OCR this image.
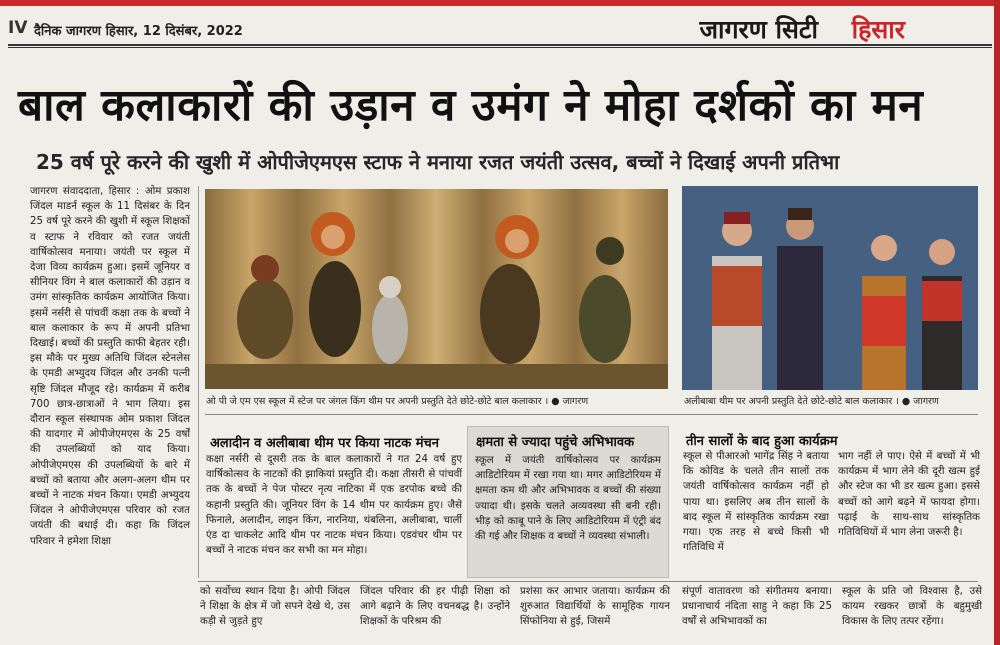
IV दैनिक जागरण हिसार, 12 दिसंबर, 2022	जागरण सिटी हिसार
बाल कलाकारों की उड़ान व उमंग ने मोहा दर्शकों का मन
25 वर्ष पूरे करने की खुशी में ओपीजेएमएस स्टाफ ने मनाया रजत जयंती उत्सव, बच्चों ने दिखाई अपनी प्रतिभा

जागरण संवाददाता, हिसार : ओम प्रकाश जिंदल माडर्न स्कूल के 11 दिसंबर के दिन 25 वर्ष पूरे करने की खुशी में स्कूल शिक्षकों व स्टाफ ने रविवार को रजत जयंती वार्षिकोत्सव मनाया। जयंती पर स्कूल में देजा विव्य कार्यक्रम हुआ। इसमें जूनियर व सीनियर विंग ने बाल कलाकारों की उड़ान व उमंग सांस्कृतिक कार्यक्रम आयोजित किया। इसमें नर्सरी से पांचवीं कक्षा तक के बच्चों ने बाल कलाकार के रूप में अपनी प्रतिभा दिखाई। बच्चों की प्रस्तुति काफी बेहतर रही। इस मौके पर मुख्य अतिथि जिंदल स्टेनलेस के एमडी अभ्युदय जिंदल और उनकी पत्नी सृष्टि जिंदल मौजूद रहे। कार्यक्रम में करीब 700 छात्र-छात्राओं ने भाग लिया। इस दौरान स्कूल संस्थापक ओम प्रकाश जिंदल की यादगार में ओपीजेएमएस के 25 वर्षों की उपलब्धियों को याद किया। ओपीजेएमएस की उपलब्धियों के बारे में बच्चों को बताया और अलग-अलग थीम पर बच्चों ने नाटक मंचन किया। एमडी अभ्युदय जिंदल ने ओपीजेएमएस परिवार को रजत जयंती की बधाई दी। कहा कि जिंदल परिवार ने हमेशा शिक्षा

ओ पी जे एम एस स्कूल में स्टेज पर जंगल किंग थीम पर अपनी प्रस्तुति देते छोटे-छोटे बाल कलाकार । ● जागरण	अलीबाबा थीम पर अपनी प्रस्तुति देते छोटे-छोटे बाल कलाकार । ● जागरण
अलादीन व अलीबाबा थीम पर किया नाटक मंचन

कक्षा नर्सरी से दूसरी तक के बाल कलाकारों ने गत 24 वर्ष हुए वार्षिकोत्सव के नाटकों की झाकियां प्रस्तुति दी। कक्षा तीसरी से पांचवीं तक के बच्चों ने पेज पोस्टर नृत्य नाटिका में एक डरपोक बच्चे की कहानी प्रस्तुति की। जूनियर विंग के 14 थीम पर कार्यक्रम हुए। जैसे फिनाले, अलादीन, लाइन किंग, नारनिया, थंबलिना, अलीबाबा, चार्ली एंड दा चाकलेट आदि थीम पर नाटक मंचन किया। एडवंचर थीम पर बच्चों ने नाटक मंचन कर सभी का मन मोहा।

क्षमता से ज्यादा पहुंचे अभिभावक

स्कूल में जयंती वार्षिकोत्सव पर कार्यक्रम आडिटोरियम में रखा गया था। मगर आडिटोरियम में क्षमता कम थी और अभिभावक व बच्चों की संख्या ज्यादा थी। इसके चलते अव्यवस्था सी बनी रही। भीड़ को काबू पाने के लिए आडिटोरियम में एंट्री बंद की गई और शिक्षक व बच्चों ने व्यवस्था संभाली।

तीन सालों के बाद हुआ कार्यक्रम

स्कूल से पीआरओ भागेंद्र सिंह ने बताया कि कोविड के चलते तीन सालों तक जयंती वार्षिकोत्सव कार्यक्रम नहीं हो पाया था। इसलिए अब तीन सालों के बाद स्कूल में सांस्कृतिक कार्यक्रम रखा गया। एक तरह से बच्चे किसी भी गतिविधि में

भाग नहीं ले पाए। ऐसे में बच्चों में भी कार्यक्रम में भाग लेने की दूरी खत्म हुई और स्टेज का भी डर खत्म हुआ। इससे बच्चों को आगे बढ़ने में फायदा होगा। पढ़ाई के साथ-साथ सांस्कृतिक गतिविधियों में भाग लेना जरूरी है।

को सर्वोच्च स्थान दिया है। ओपी जिंदल ने शिक्षा के क्षेत्र में जो सपने देखे थे, उस कड़ी से जुड़ते हुए

जिंदल परिवार की हर पीढ़ी शिक्षा को आगे बढ़ाने के लिए वचनबद्ध है। उन्होंने शिक्षकों के परिश्रम की

प्रशंसा कर आभार जताया। कार्यक्रम की शुरुआत विद्यार्थियों के सामूहिक गायन सिंफोनिया से हुई, जिसमें

संपूर्ण वातावरण को संगीतमय बनाया। प्रधानाचार्य नंदिता साहु ने कहा कि 25 वर्षों से अभिभावकों का

स्कूल के प्रति जो विश्वास है, उसे कायम रखकर छात्रों के बहुमुखी विकास के लिए तत्पर रहेंगा।
